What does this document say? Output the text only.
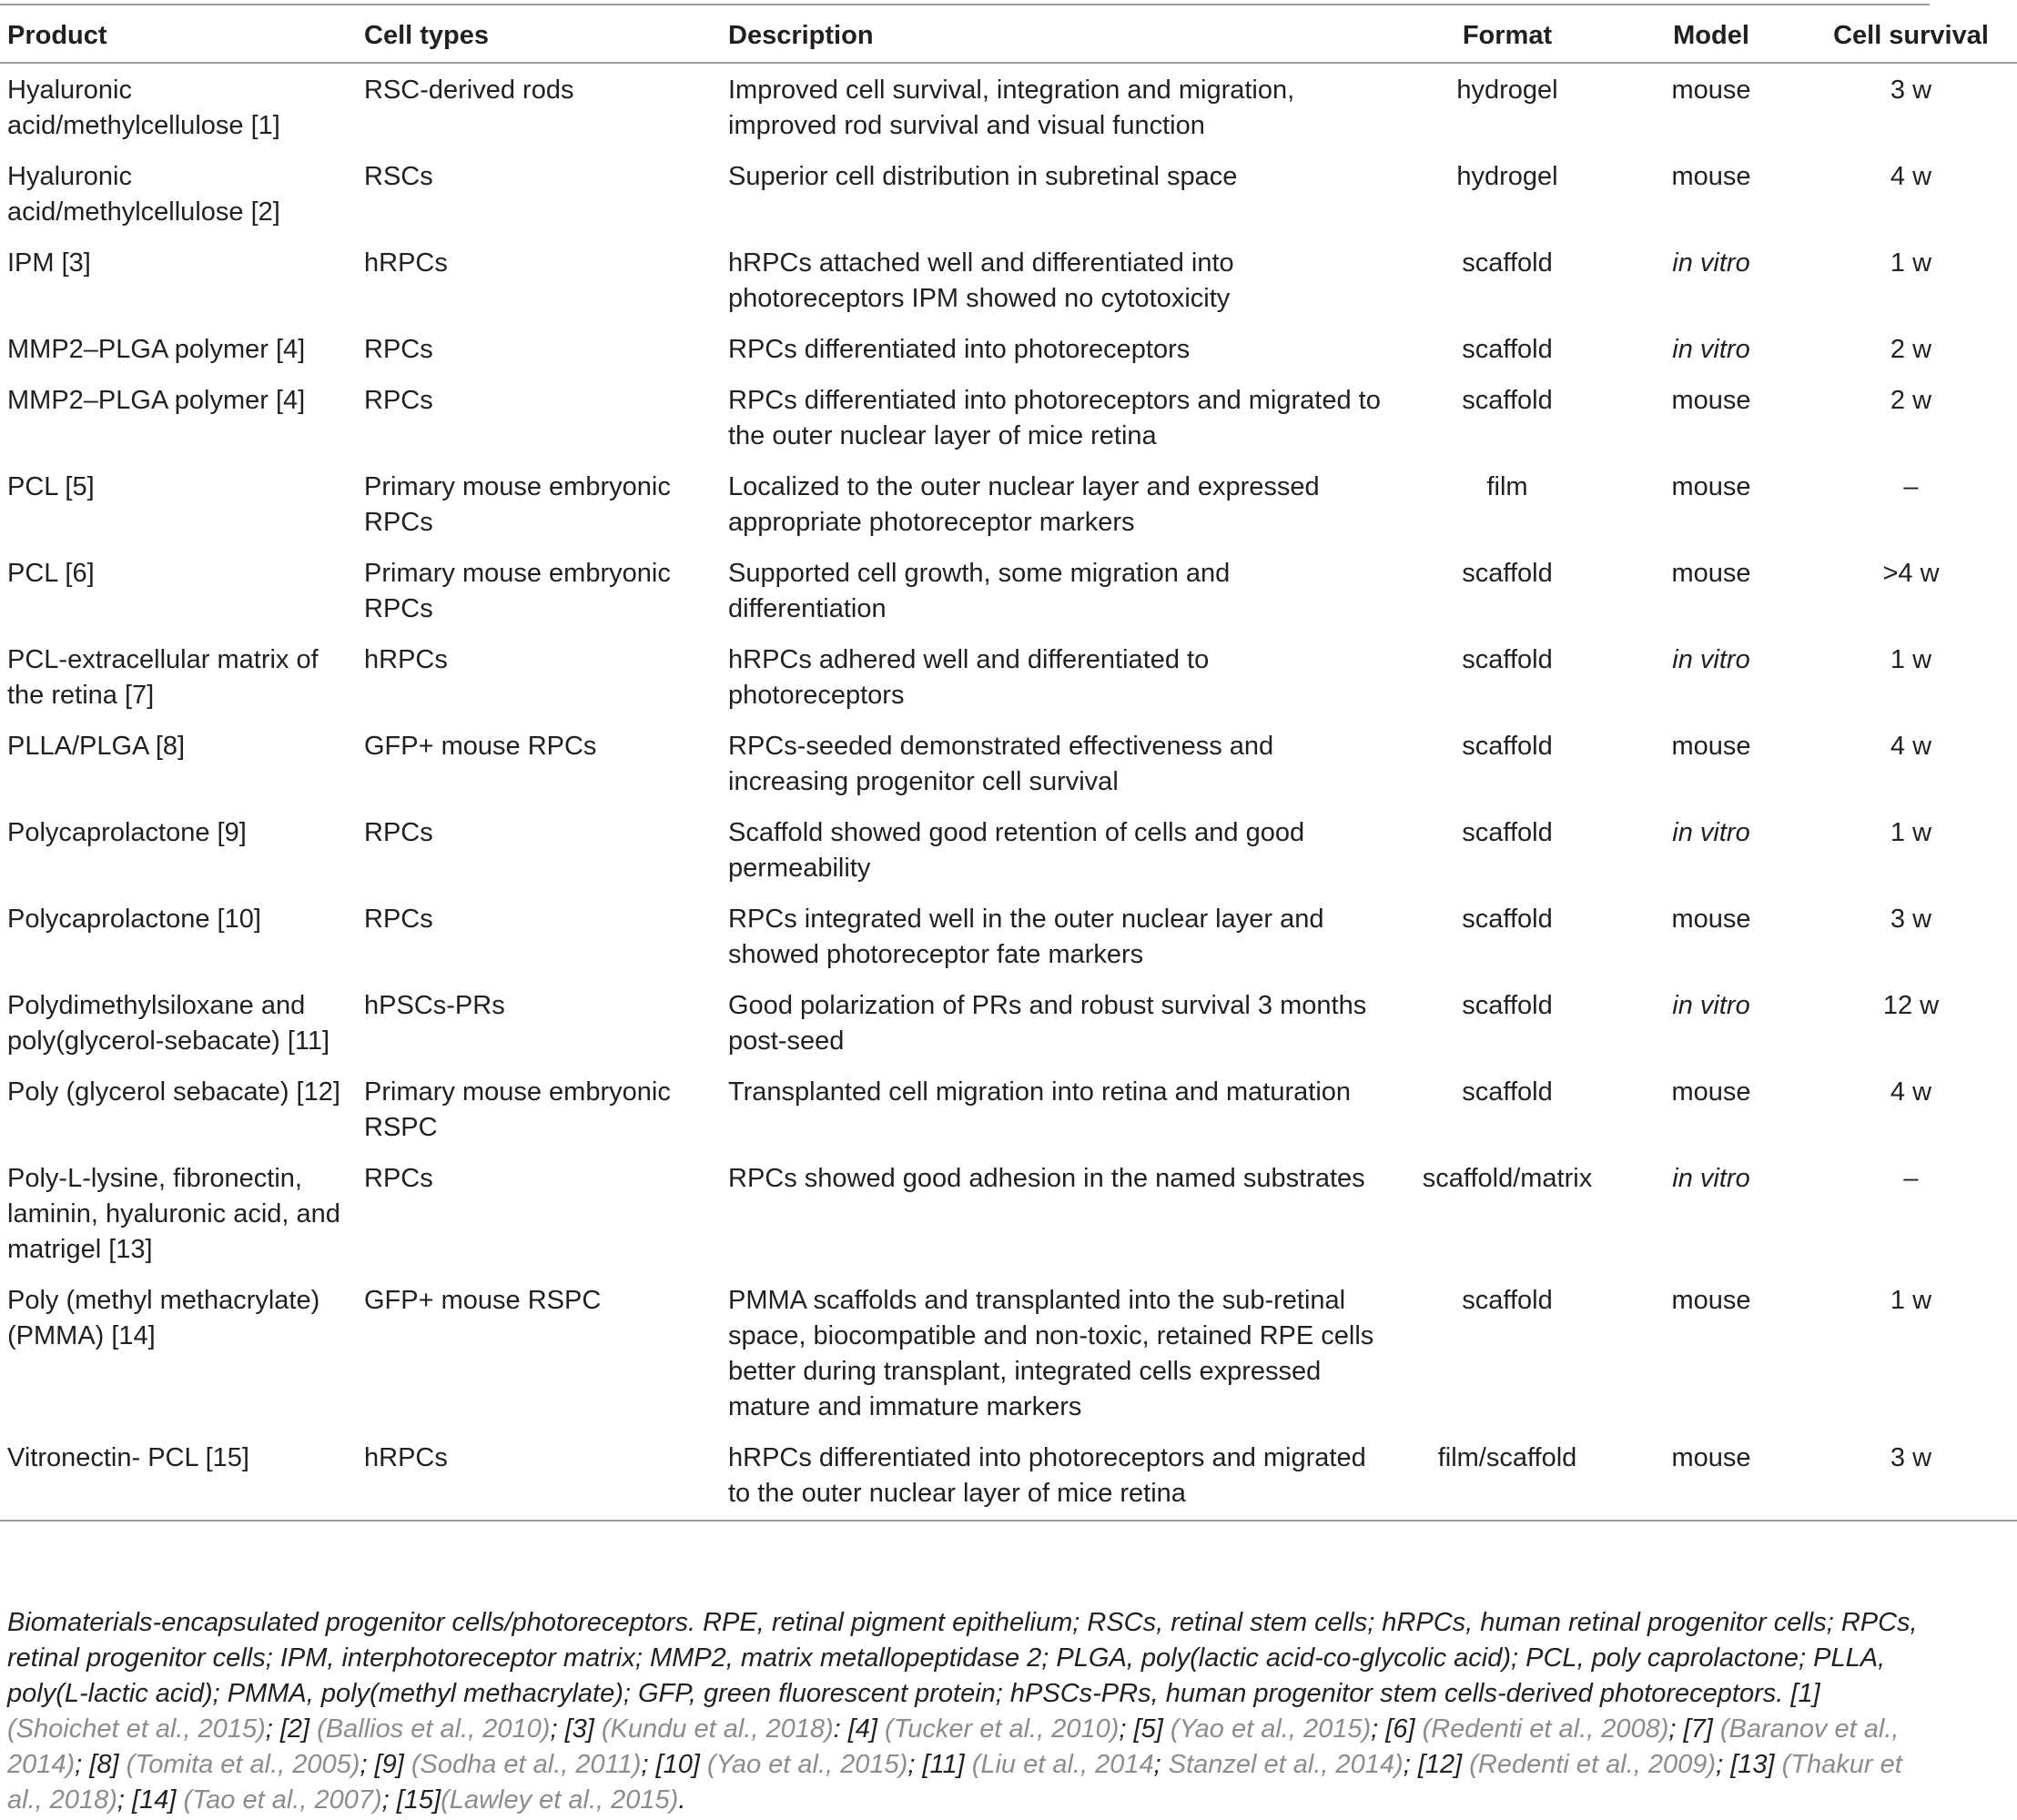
Product	Cell types	Description	Format	Model	Cell survival
Hyaluronic acid/methylcellulose [1]	RSC-derived rods	Improved cell survival, integration and migration, improved rod survival and visual function	hydrogel	mouse	3 w
Hyaluronic acid/methylcellulose [2]	RSCs	Superior cell distribution in subretinal space	hydrogel	mouse	4 w
IPM [3]	hRPCs	hRPCs attached well and differentiated into photoreceptors IPM showed no cytotoxicity	scaffold	in vitro	1 w
MMP2–PLGA polymer [4]	RPCs	RPCs differentiated into photoreceptors	scaffold	in vitro	2 w
MMP2–PLGA polymer [4]	RPCs	RPCs differentiated into photoreceptors and migrated to the outer nuclear layer of mice retina	scaffold	mouse	2 w
PCL [5]	Primary mouse embryonic RPCs	Localized to the outer nuclear layer and expressed appropriate photoreceptor markers	film	mouse	–
PCL [6]	Primary mouse embryonic RPCs	Supported cell growth, some migration and differentiation	scaffold	mouse	>4 w
PCL-extracellular matrix of the retina [7]	hRPCs	hRPCs adhered well and differentiated to photoreceptors	scaffold	in vitro	1 w
PLLA/PLGA [8]	GFP+ mouse RPCs	RPCs-seeded demonstrated effectiveness and increasing progenitor cell survival	scaffold	mouse	4 w
Polycaprolactone [9]	RPCs	Scaffold showed good retention of cells and good permeability	scaffold	in vitro	1 w
Polycaprolactone [10]	RPCs	RPCs integrated well in the outer nuclear layer and showed photoreceptor fate markers	scaffold	mouse	3 w
Polydimethylsiloxane and poly(glycerol-sebacate) [11]	hPSCs-PRs	Good polarization of PRs and robust survival 3 months post-seed	scaffold	in vitro	12 w
Poly (glycerol sebacate) [12]	Primary mouse embryonic RSPC	Transplanted cell migration into retina and maturation	scaffold	mouse	4 w
Poly-L-lysine, fibronectin, laminin, hyaluronic acid, and matrigel [13]	RPCs	RPCs showed good adhesion in the named substrates	scaffold/matrix	in vitro	–
Poly (methyl methacrylate) (PMMA) [14]	GFP+ mouse RSPC	PMMA scaffolds and transplanted into the sub-retinal space, biocompatible and non-toxic, retained RPE cells better during transplant, integrated cells expressed mature and immature markers	scaffold	mouse	1 w
Vitronectin- PCL [15]	hRPCs	hRPCs differentiated into photoreceptors and migrated to the outer nuclear layer of mice retina	film/scaffold	mouse	3 w
Biomaterials-encapsulated progenitor cells/photoreceptors. RPE, retinal pigment epithelium; RSCs, retinal stem cells; hRPCs, human retinal progenitor cells; RPCs, retinal progenitor cells; IPM, interphotoreceptor matrix; MMP2, matrix metallopeptidase 2; PLGA, poly(lactic acid-co-glycolic acid); PCL, poly caprolactone; PLLA, poly(L-lactic acid); PMMA, poly(methyl methacrylate); GFP, green fluorescent protein; hPSCs-PRs, human progenitor stem cells-derived photoreceptors. [1] (Shoichet et al., 2015); [2] (Ballios et al., 2010); [3] (Kundu et al., 2018): [4] (Tucker et al., 2010); [5] (Yao et al., 2015); [6] (Redenti et al., 2008); [7] (Baranov et al., 2014); [8] (Tomita et al., 2005); [9] (Sodha et al., 2011); [10] (Yao et al., 2015); [11] (Liu et al., 2014; Stanzel et al., 2014); [12] (Redenti et al., 2009); [13] (Thakur et al., 2018); [14] (Tao et al., 2007); [15](Lawley et al., 2015).
